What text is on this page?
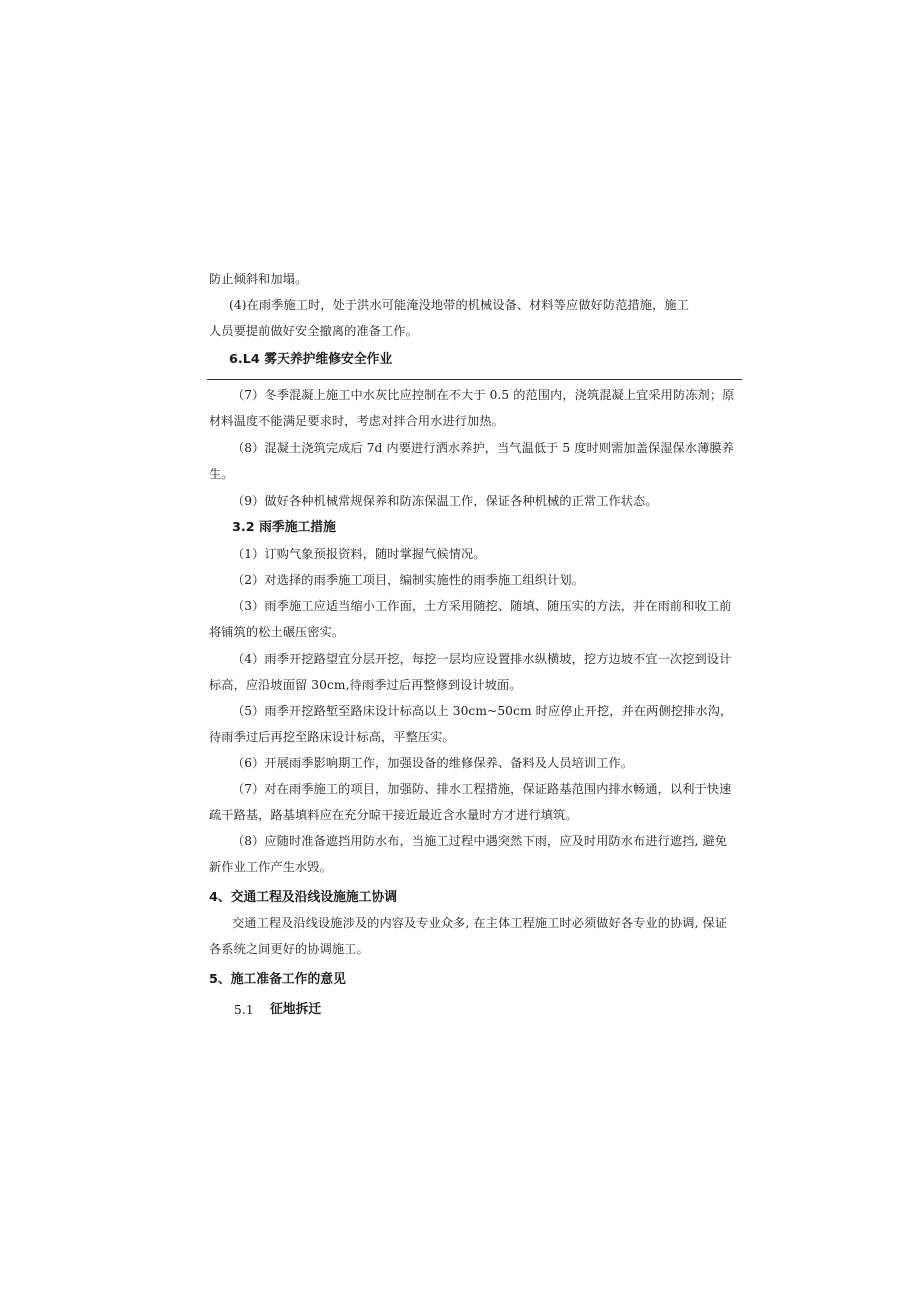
防止倾斜和加塌。
(4)在雨季施工时，处于洪水可能淹没地带的机械设备、材料等应做好防范措施，施工
人员要提前做好安全撤离的准备工作。
6.L4 雾天养护维修安全作业
（7）冬季混凝上施工中水灰比应控制在不大于 0.5 的范围内，浇筑混凝上宜采用防冻剂；原
材料温度不能满足要求时，考虑对拌合用水进行加热。
（8）混凝土浇筑完成后 7d 内要进行洒水养护，当气温低于 5 度时则需加盖保湿保水薄膜养
生。
（9）做好各种机械常规保养和防冻保温工作，保证各种机械的正常工作状态。
3.2 雨季施工措施
（1）订购气象预报资料，随时掌握气候情况。
（2）对选择的雨季施工项目，编制实施性的雨季施工组织计划。
（3）雨季施工应适当缩小工作面，土方采用随挖、随填、随压实的方法，并在雨前和收工前
将铺筑的松土碾压密实。
（4）雨季开挖路望宜分层开挖，每挖一层均应设置排水纵横坡，挖方边坡不宜一次挖到设计
标高，应沿坡面留 30cm,待雨季过后再整修到设计坡面。
（5）雨季开挖路堑至路床设计标高以上 30cm~50cm 时应停止开挖，并在两侧挖排水沟，
待雨季过后再挖至路床设计标高，平整压实。
（6）开展雨季影响期工作，加强设备的维修保养、备料及人员培训工作。
（7）对在雨季施工的项目，加强防、排水工程措施，保证路基范围内排水畅通，以利于快速
疏干路基，路基填料应在充分晾干接近最近含水量时方才进行填筑。
（8）应随时准备遮挡用防水布，当施工过程中遇突然下雨，应及时用防水布进行遮挡, 避免
新作业工作产生水毁。
4、交通工程及沿线设施施工协调
交通工程及沿线设施涉及的内容及专业众多, 在主体工程施工时必须做好各专业的协调, 保证
各系统之间更好的协调施工。
5、施工准备工作的意见
5.1 征地拆迁
